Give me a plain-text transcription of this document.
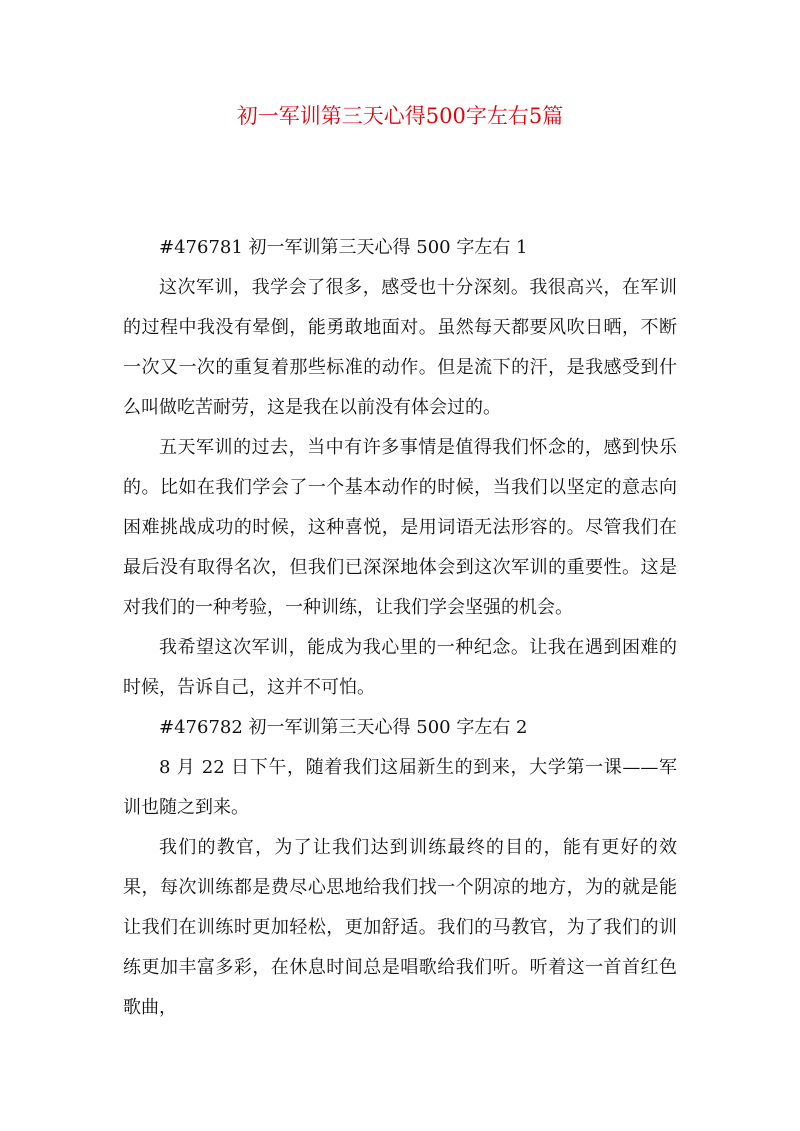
初一军训第三天心得500字左右5篇

#476781 初一军训第三天心得 500 字左右 1

这次军训，我学会了很多，感受也十分深刻。我很高兴，在军训的过程中我没有晕倒，能勇敢地面对。虽然每天都要风吹日晒，不断一次又一次的重复着那些标准的动作。但是流下的汗，是我感受到什么叫做吃苦耐劳，这是我在以前没有体会过的。

五天军训的过去，当中有许多事情是值得我们怀念的，感到快乐的。比如在我们学会了一个基本动作的时候，当我们以坚定的意志向困难挑战成功的时候，这种喜悦，是用词语无法形容的。尽管我们在最后没有取得名次，但我们已深深地体会到这次军训的重要性。这是对我们的一种考验，一种训练，让我们学会坚强的机会。

我希望这次军训，能成为我心里的一种纪念。让我在遇到困难的时候，告诉自己，这并不可怕。

#476782 初一军训第三天心得 500 字左右 2

8 月 22 日下午，随着我们这届新生的到来，大学第一课——军训也随之到来。

我们的教官，为了让我们达到训练最终的目的，能有更好的效果，每次训练都是费尽心思地给我们找一个阴凉的地方，为的就是能让我们在训练时更加轻松，更加舒适。我们的马教官，为了我们的训练更加丰富多彩，在休息时间总是唱歌给我们听。听着这一首首红色歌曲，
